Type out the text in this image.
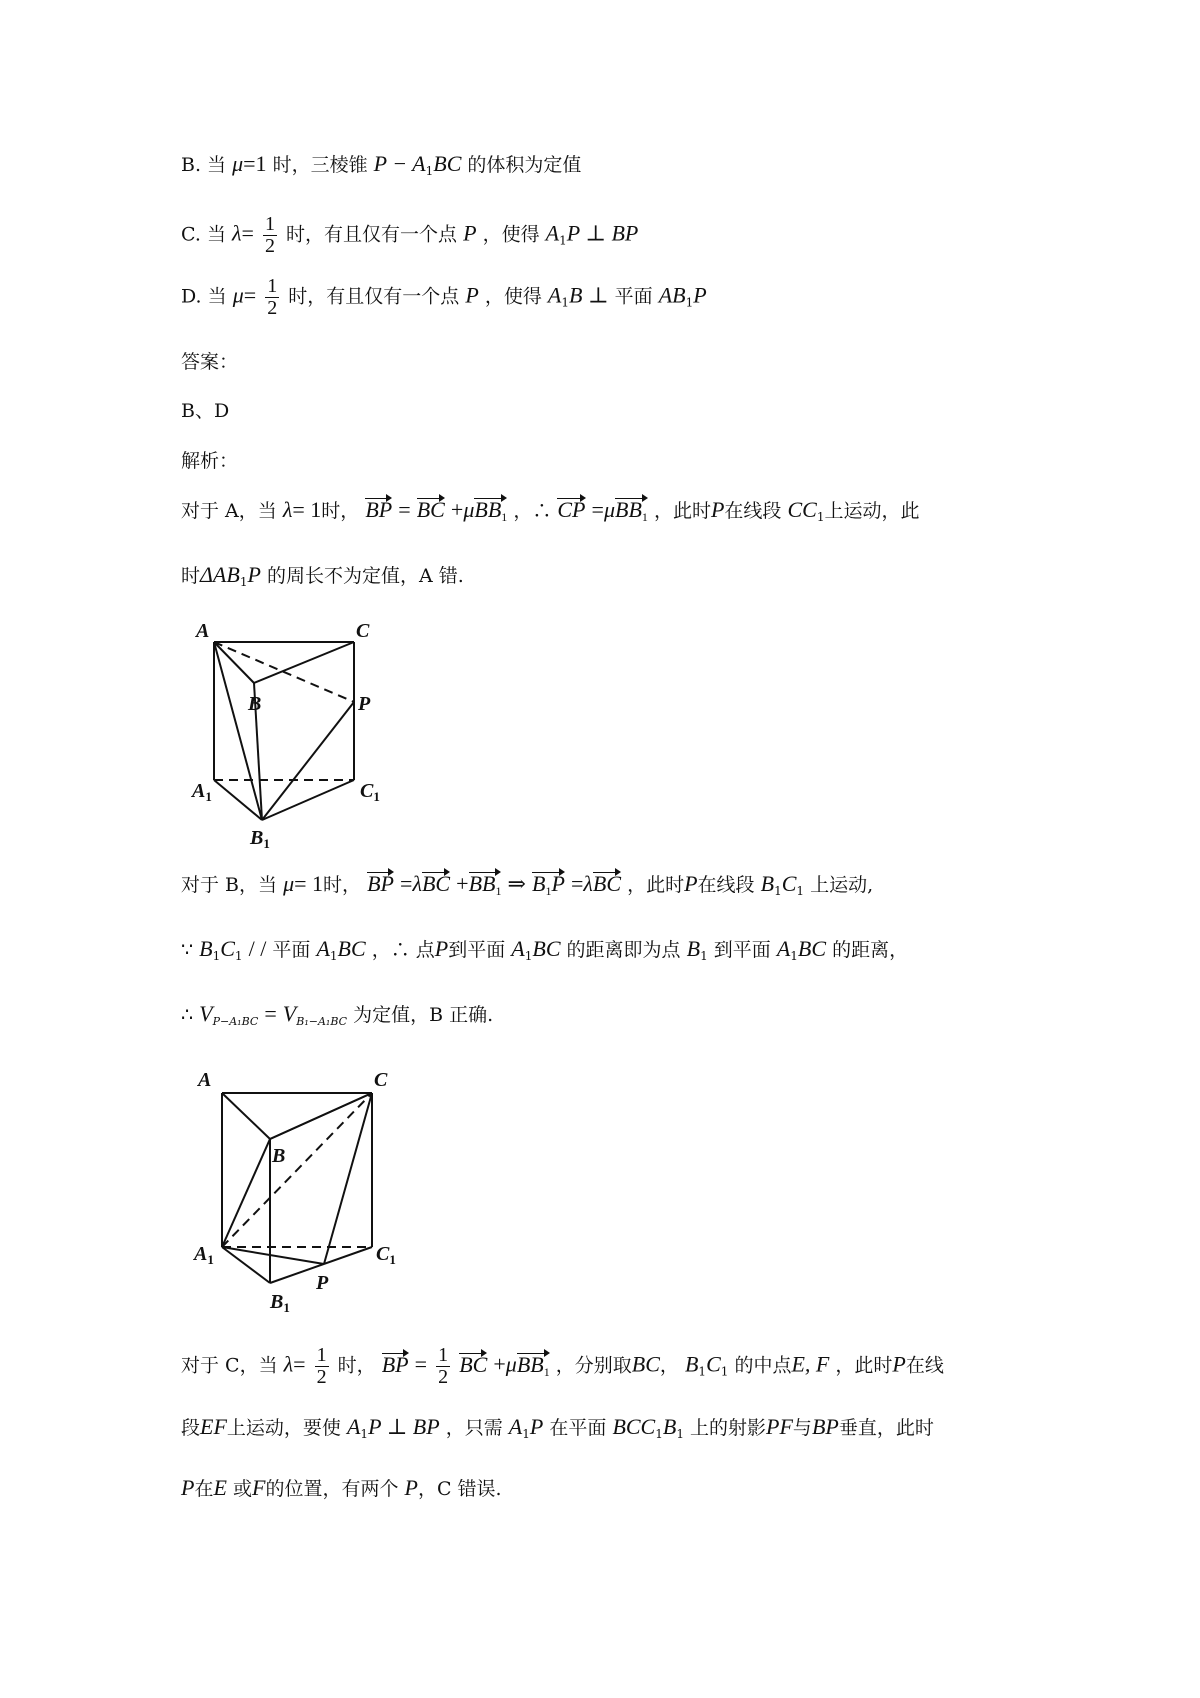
B. 当 μ=1 时，三棱锥 $P - A_1BC$ 的体积为定值
C. 当 $\lambda= \frac{1}{2}$ 时，有且仅有一个点 P ，使得 $A_1P$ ⊥ BP
D. 当 $\mu= \frac{1}{2}$ 时，有且仅有一个点 P ，使得 $A_1B$ ⊥ 平面 $AB_1P$
答案：
B、D
解析：
对于 A，当 λ= 1时， BP = BC +μBB$_1$ ，∴ CP =μBB$_1$ ，此时P在线段 $CC_1$上运动，此
时$\Delta AB_1P$ 的周长不为定值，A 错.
A	C
B	P
$A_1$	$C_1$
$B_1$
对于 B，当 μ= 1时， BP $=\lambda BC +BB_1$ ⇒ $B_1P =\lambda BC$ ，此时P在线段 $B_1C_1$ 上运动,
∵ $B_1C_1$ / / 平面 $A_1BC$ ，∴ 点P到平面 $A_1BC$ 的距离即为点 $B_1$ 到平面 $A_1BC$ 的距离，
∴ $V_{P-A_1BC} = V_{B_1-A_1BC}$ 为定值，B 正确.
A	C
B
$A_1$	$C_1$
P
$B_1$
对于 C，当 $\lambda= \frac{1}{2}$ 时， BP = $\frac{1}{2}$ BC +μBB$_1$ ，分别取BC， $B_1C_1$ 的中点E, F ，此时P在线
段EF上运动，要使 $A_1P$ ⊥ BP ，只需 $A_1P$ 在平面 $BCC_1B_1$ 上的射影PF与BP垂直，此时
P在E 或F的位置，有两个 P，C 错误.
